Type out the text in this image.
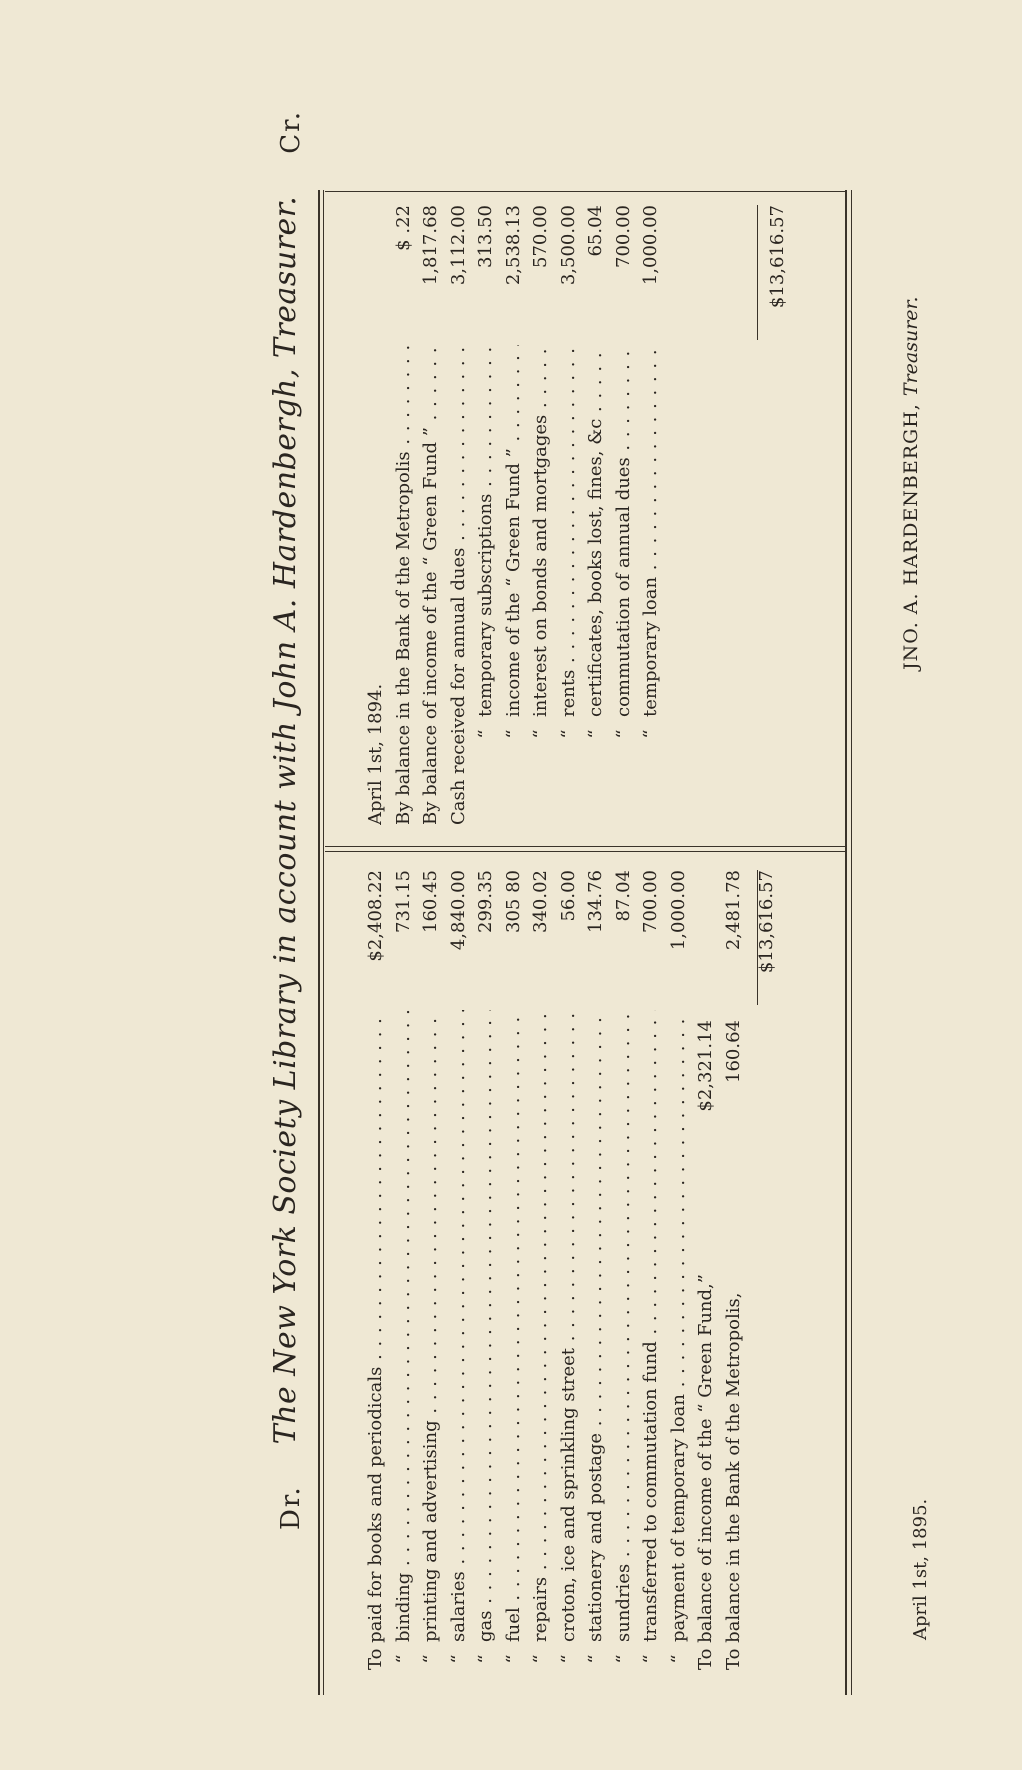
Dr.
The New York Society Library in account with John A. Hardenbergh, Treasurer.
Cr.
To paid for books and periodicals . . .
$2,408.22
“
binding . . .
731.15
“
printing and advertising . . .
160.45
“
salaries . . .
4,840.00
“
gas . . .
299.35
“
fuel . . .
305 80
“
repairs . . .
340.02
“
croton, ice and sprinkling street . . .
56.00
“
stationery and postage . . .
134.76
“
sundries . . .
87.04
“
transferred to commutation fund . . .
700.00
“
payment of temporary loan . . .
1,000.00
To balance of income of the “ Green Fund,”
$2,321.14
To balance in the Bank of the Metropolis,
160.64
2,481.78 $13,616.57
April 1st, 1894. By balance in the Bank of the Metropolis . . .
$ .22
By balance of income of the “ Green Fund ” . . .
1,817.68
Cash received for annual dues . . .
3,112.00
“
temporary subscriptions . . .
313.50
“
income of the “ Green Fund ” . . .
2,538.13
“
interest on bonds and mortgages . . .
570.00
“
rents . . .
3,500.00
“
certificates, books lost, fines, &c . . .
65.04
“
commutation of annual dues . . .
700.00
“
temporary loan . . .
1,000.00	$13,616.57
April 1st, 1895.
JNO. A. HARDENBERGH, Treasurer.
